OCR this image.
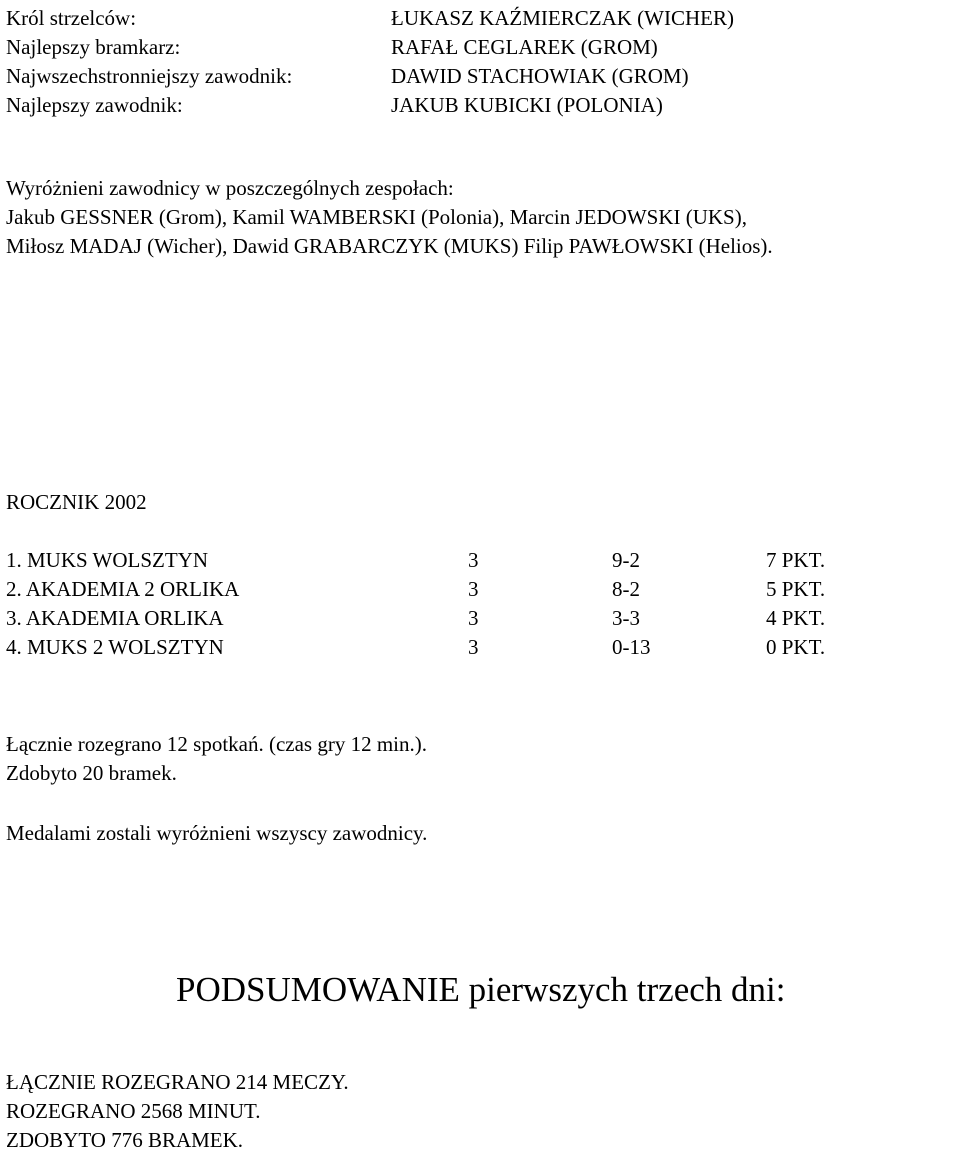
Król strzelców:	ŁUKASZ KAŹMIERCZAK (WICHER)
Najlepszy bramkarz:	RAFAŁ CEGLAREK (GROM)
Najwszechstronniejszy zawodnik:	DAWID STACHOWIAK (GROM)
Najlepszy zawodnik:	JAKUB KUBICKI (POLONIA)
Wyróżnieni zawodnicy w poszczególnych zespołach:
Jakub GESSNER (Grom), Kamil WAMBERSKI (Polonia), Marcin JEDOWSKI (UKS),
Miłosz MADAJ (Wicher), Dawid GRABARCZYK (MUKS) Filip PAWŁOWSKI (Helios).
ROCZNIK 2002
1. MUKS WOLSZTYN	3	9-2	7 PKT.
2. AKADEMIA 2 ORLIKA	3	8-2	5 PKT.
3. AKADEMIA ORLIKA	3	3-3	4 PKT.
4. MUKS 2 WOLSZTYN	3	0-13	0 PKT.
Łącznie rozegrano 12 spotkań. (czas gry 12 min.).
Zdobyto 20 bramek.
Medalami zostali wyróżnieni wszyscy zawodnicy.
PODSUMOWANIE pierwszych trzech dni:
ŁĄCZNIE ROZEGRANO 214 MECZY.
ROZEGRANO 2568 MINUT.
ZDOBYTO 776 BRAMEK.
